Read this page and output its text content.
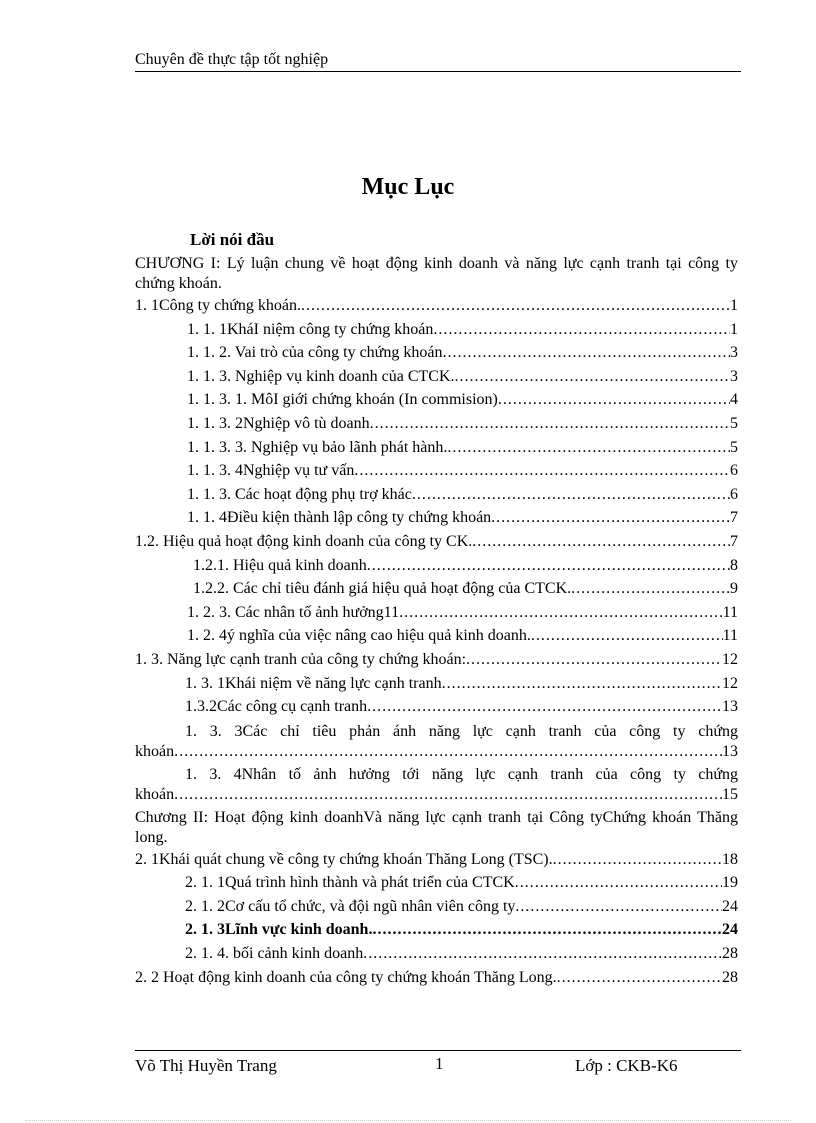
Chuyên đề thực tập tốt nghiệp
Mục Lục
Lời nói đầu
CHƯƠNG I: Lý luận chung về hoạt động kinh doanh và năng lực cạnh tranh tại công ty chứng khoán.
1. 1Công ty chứng khoán. .....	1
1. 1. 1KháI niệm công ty chứng khoán .....	1
1. 1. 2. Vai trò của công ty chứng khoán .....	3
1. 1. 3. Nghiệp vụ kinh doanh của CTCK. .....	3
1. 1. 3. 1. MôI giới chứng khoán (In commision) .....	4
1. 1. 3. 2Nghiệp vô tù doanh .....	5
1. 1. 3. 3. Nghiệp vụ bảo lãnh phát hành. .....	5
1. 1. 3. 4Nghiệp vụ tư vấn .....	6
1. 1. 3. Các hoạt động phụ trợ khác .....	6
1. 1. 4Điều kiện thành lập công ty chứng khoán .....	7
1.2. Hiệu quả hoạt động kinh doanh của công ty CK. .....	7
1.2.1. Hiệu quả kinh doanh .....	8
1.2.2. Các chỉ tiêu đánh giá hiệu quả hoạt động của CTCK. .....	9
1. 2. 3. Các nhân tố ảnh hưởng11 .....	11
1. 2. 4ý nghĩa của việc nâng cao hiệu quả kinh doanh. .....	11
1. 3. Năng lực cạnh tranh của công ty chứng khoán: .....	12
1. 3. 1Khái niệm về năng lực cạnh tranh .....	12
1.3.2Các công cụ cạnh tranh .....	13
1. 3. 3Các chỉ tiêu phản ánh năng lực cạnh tranh của công ty chứng
khoán .....	13
1. 3. 4Nhân tố ảnh hưởng tới năng lực cạnh tranh của công ty chứng
khoán .....	15
Chương II: Hoạt động kinh doanhVà năng lực cạnh tranh tại Công tyChứng khoán Thăng long.
2. 1Khái quát chung về công ty chứng khoán Thăng Long (TSC). .....	18
2. 1. 1Quá trình hình thành và phát triển của CTCK .....	19
2. 1. 2Cơ cấu tổ chức, và đội ngũ nhân viên công ty .....	24
2. 1. 3Lĩnh vực kinh doanh. .....	24
2. 1. 4. bối cảnh kinh doanh .....	28
2. 2 Hoạt động kinh doanh của công ty chứng khoán Thăng Long. .....	28
Võ Thị Huyền Trang	1	Lớp : CKB-K6
